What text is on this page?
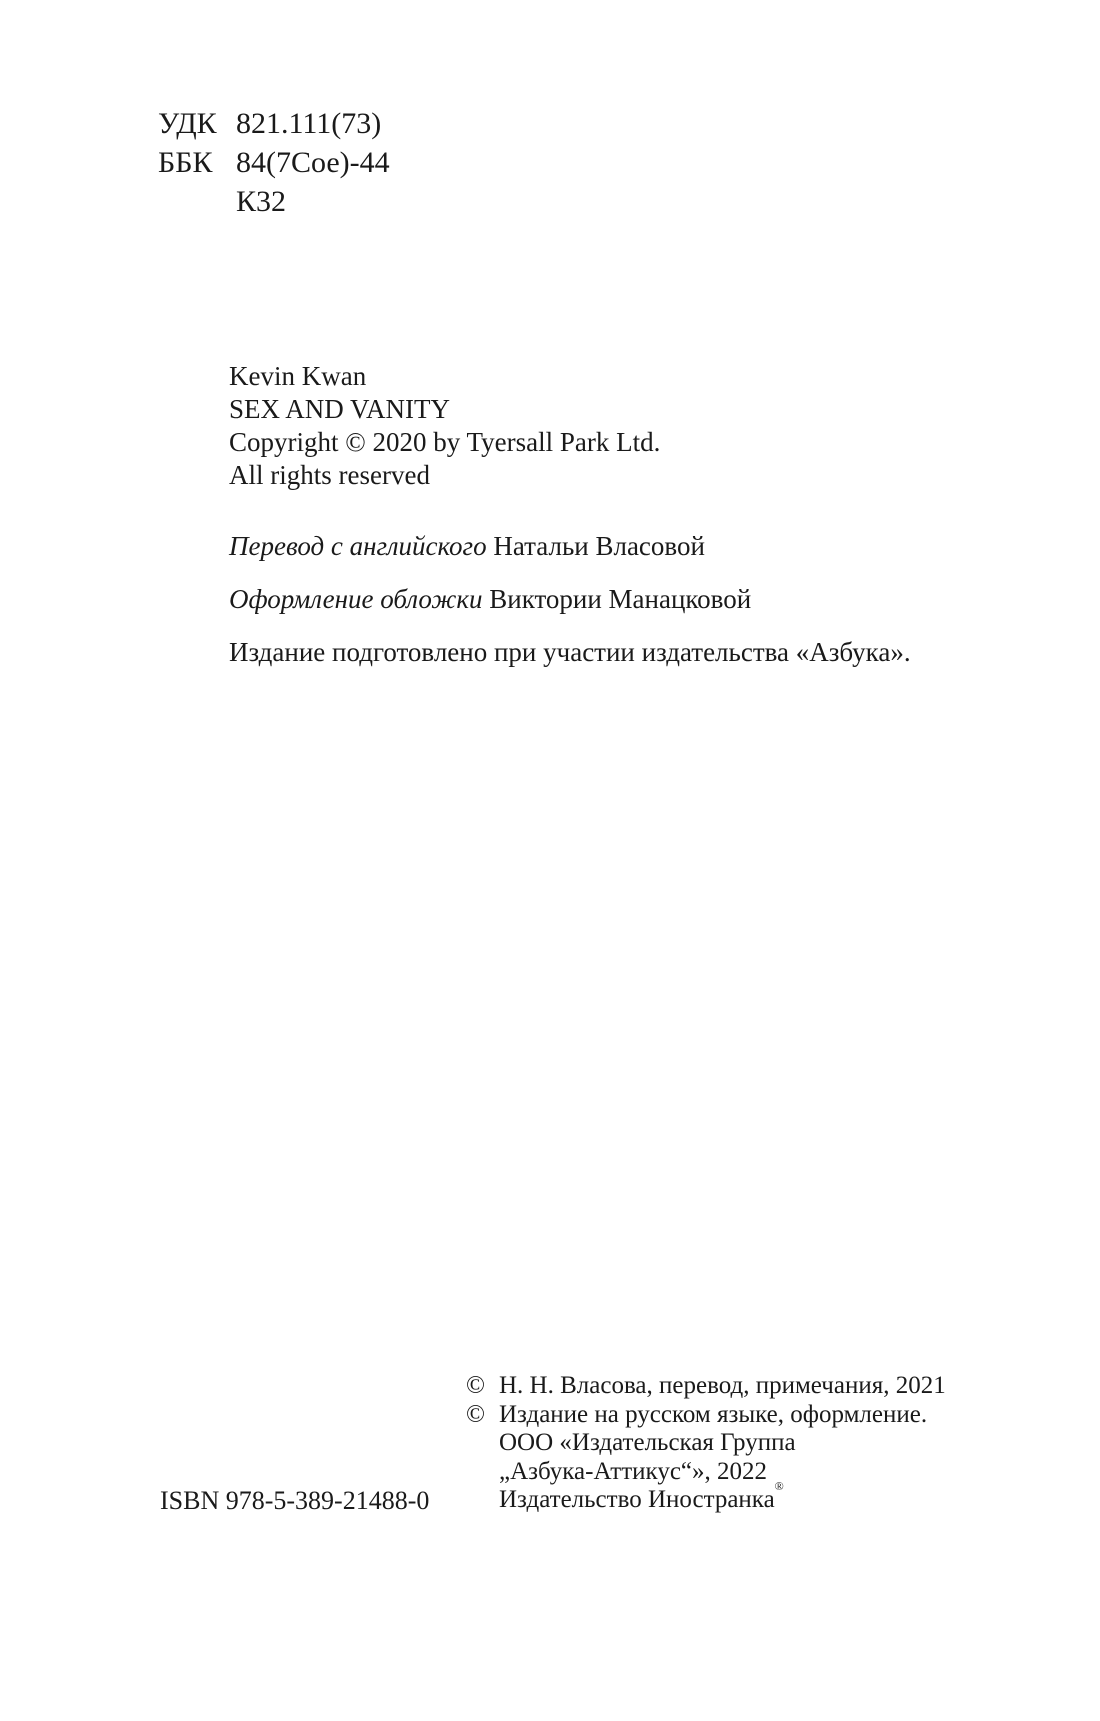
УДК 821.111(73)
ББК 84(7Сое)-44
К32
Kevin Kwan
SEX AND VANITY
Copyright © 2020 by Tyersall Park Ltd.
All rights reserved
Перевод с английского Натальи Власовой
Оформление обложки Виктории Манацковой
Издание подготовлено при участии издательства «Азбука».
© Н. Н. Власова, перевод, примечания, 2021
© Издание на русском языке, оформление.
ООО «Издательская Группа
„Азбука-Аттикус“», 2022
Издательство Иностранка ®
ISBN 978-5-389-21488-0
